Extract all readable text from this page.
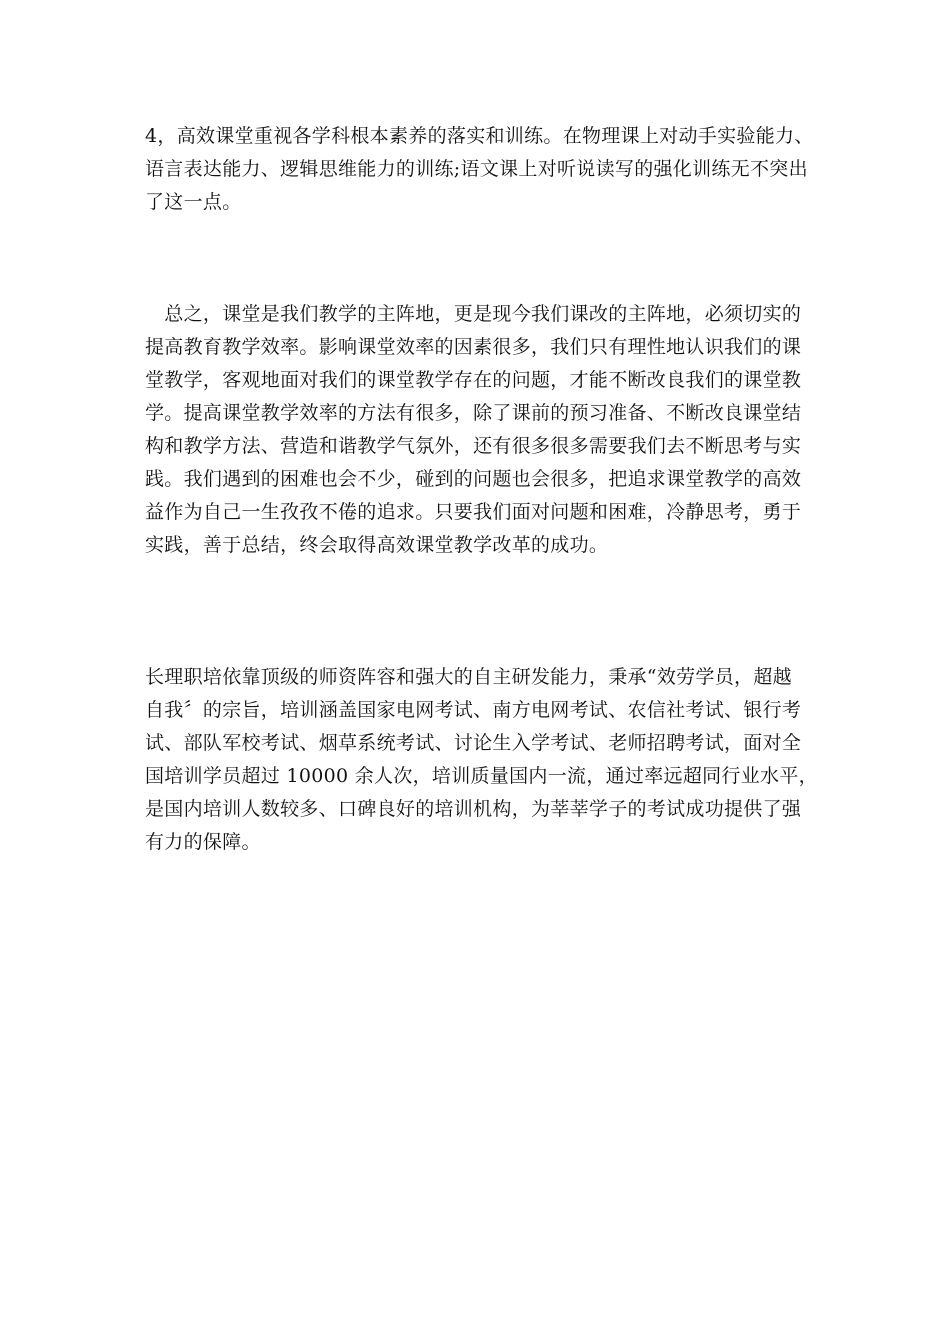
4，高效课堂重视各学科根本素养的落实和训练。在物理课上对动手实验能力、
语言表达能力、逻辑思维能力的训练;语文课上对听说读写的强化训练无不突出
了这一点。

　总之，课堂是我们教学的主阵地，更是现今我们课改的主阵地，必须切实的
提高教育教学效率。影响课堂效率的因素很多，我们只有理性地认识我们的课
堂教学，客观地面对我们的课堂教学存在的问题，才能不断改良我们的课堂教
学。提高课堂教学效率的方法有很多，除了课前的预习准备、不断改良课堂结
构和教学方法、营造和谐教学气氛外，还有很多很多需要我们去不断思考与实
践。我们遇到的困难也会不少，碰到的问题也会很多，把追求课堂教学的高效
益作为自己一生孜孜不倦的追求。只要我们面对问题和困难，冷静思考，勇于
实践，善于总结，终会取得高效课堂教学改革的成功。

长理职培依靠顶级的师资阵容和强大的自主研发能力，秉承“效劳学员，超越
自我〞的宗旨，培训涵盖国家电网考试、南方电网考试、农信社考试、银行考
试、部队军校考试、烟草系统考试、讨论生入学考试、老师招聘考试，面对全
国培训学员超过 10000 余人次，培训质量国内一流，通过率远超同行业水平，
是国内培训人数较多、口碑良好的培训机构，为莘莘学子的考试成功提供了强
有力的保障。
